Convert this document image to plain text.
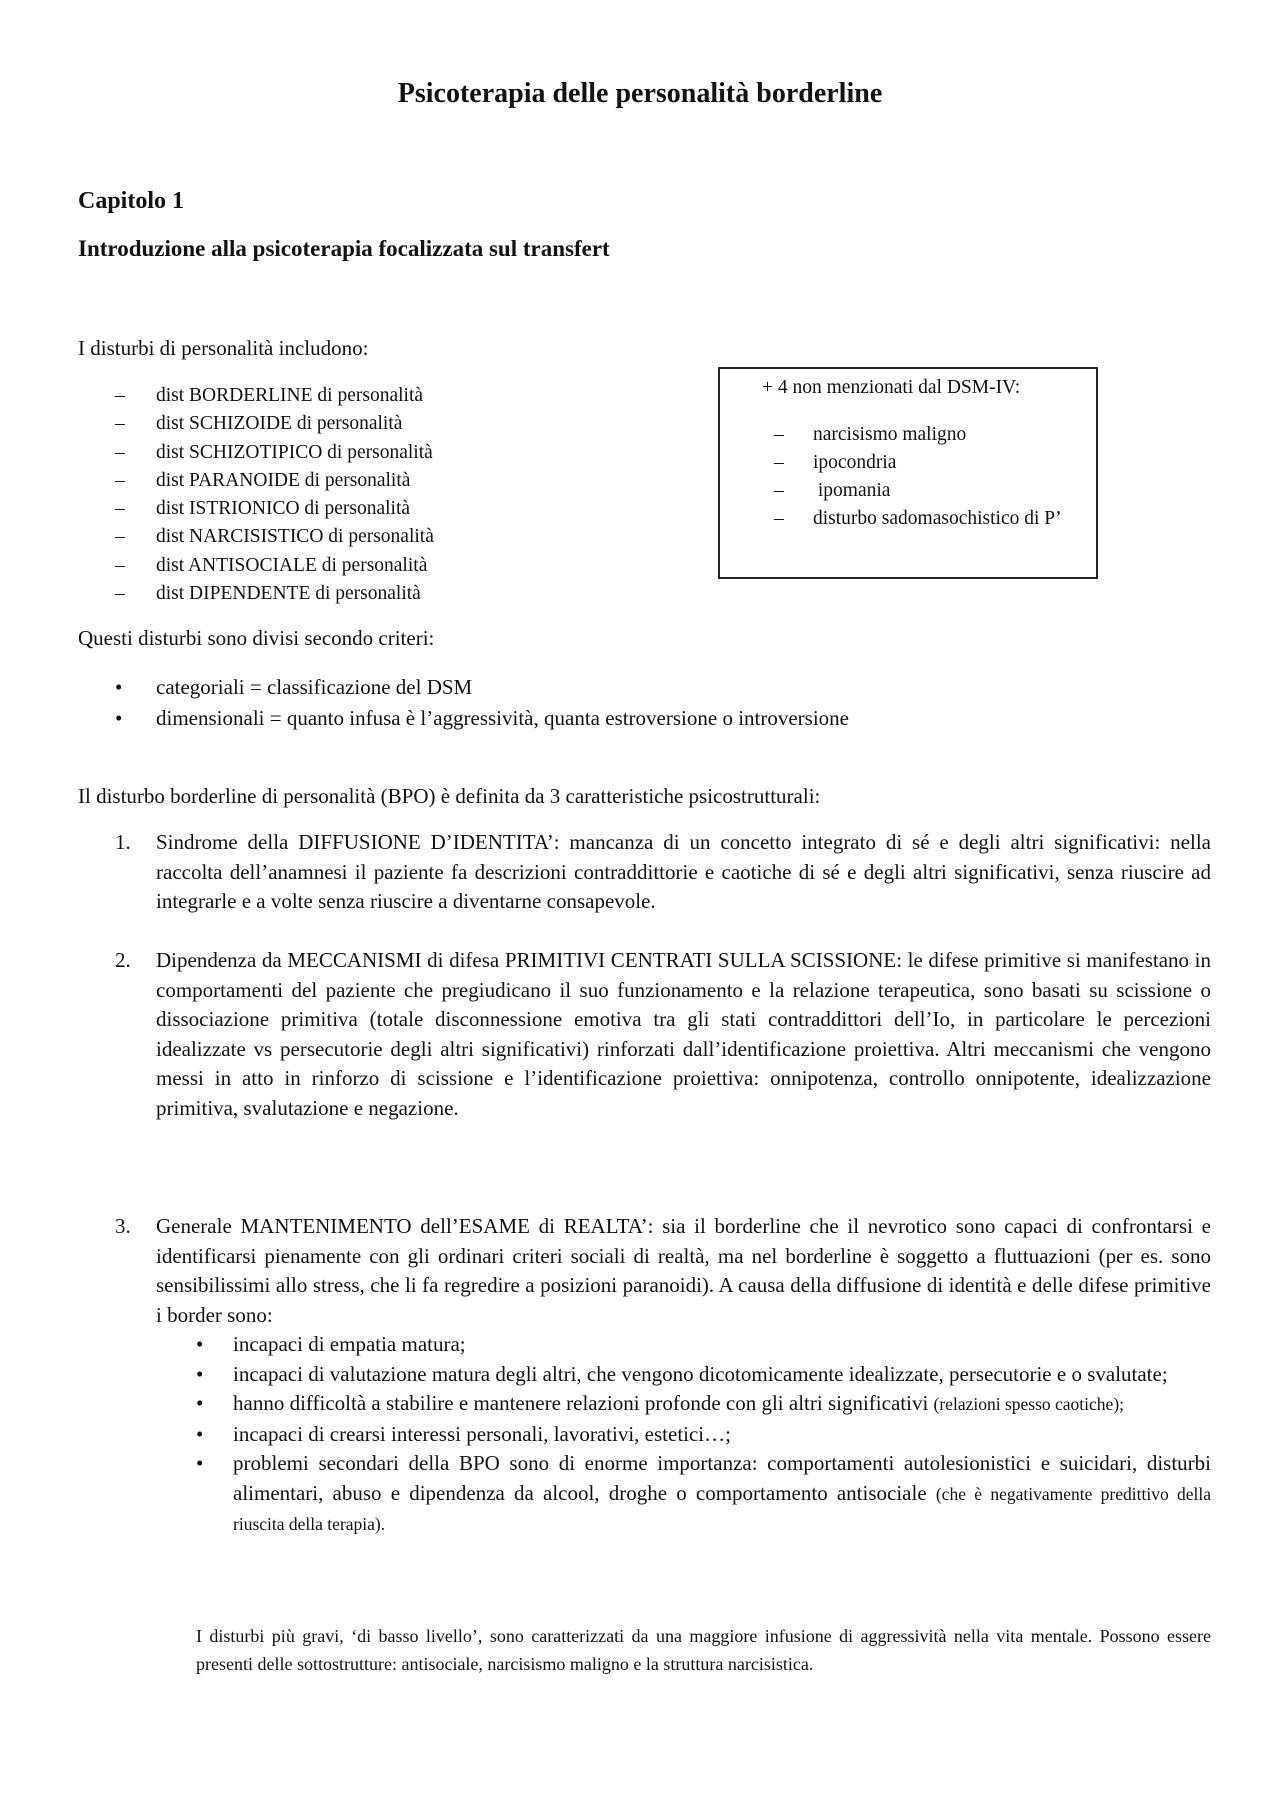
Psicoterapia delle personalità borderline
Capitolo 1
Introduzione alla psicoterapia focalizzata sul transfert
I disturbi di personalità includono:
– dist BORDERLINE di personalità
– dist SCHIZOIDE di personalità
– dist SCHIZOTIPICO di personalità
– dist PARANOIDE di personalità
– dist ISTRIONICO di personalità
– dist NARCISISTICO di personalità
– dist ANTISOCIALE di personalità
– dist DIPENDENTE di personalità
+ 4 non menzionati dal DSM-IV:
– narcisismo maligno
– ipocondria
– ipomania
– disturbo sadomasochistico di P’
Questi disturbi sono divisi secondo criteri:
• categoriali = classificazione del DSM
• dimensionali = quanto infusa è l’aggressività, quanta estroversione o introversione
Il disturbo borderline di personalità (BPO) è definita da 3 caratteristiche psicostrutturali:
1. Sindrome della DIFFUSIONE D’IDENTITA’: mancanza di un concetto integrato di sé e degli altri significativi: nella raccolta dell’anamnesi il paziente fa descrizioni contraddittorie e caotiche di sé e degli altri significativi, senza riuscire ad integrarle e a volte senza riuscire a diventarne consapevole.
2. Dipendenza da MECCANISMI di difesa PRIMITIVI CENTRATI SULLA SCISSIONE: le difese primitive si manifestano in comportamenti del paziente che pregiudicano il suo funzionamento e la relazione terapeutica, sono basati su scissione o dissociazione primitiva (totale disconnessione emotiva tra gli stati contraddittori dell’Io, in particolare le percezioni idealizzate vs persecutorie degli altri significativi) rinforzati dall’identificazione proiettiva. Altri meccanismi che vengono messi in atto in rinforzo di scissione e l’identificazione proiettiva: onnipotenza, controllo onnipotente, idealizzazione primitiva, svalutazione e negazione.
3. Generale MANTENIMENTO dell’ESAME di REALTA’: sia il borderline che il nevrotico sono capaci di confrontarsi e identificarsi pienamente con gli ordinari criteri sociali di realtà, ma nel borderline è soggetto a fluttuazioni (per es. sono sensibilissimi allo stress, che li fa regredire a posizioni paranoidi). A causa della diffusione di identità e delle difese primitive i border sono:
• incapaci di empatia matura;
• incapaci di valutazione matura degli altri, che vengono dicotomicamente idealizzate, persecutorie e o svalutate;
• hanno difficoltà a stabilire e mantenere relazioni profonde con gli altri significativi (relazioni spesso caotiche);
• incapaci di crearsi interessi personali, lavorativi, estetici…;
• problemi secondari della BPO sono di enorme importanza: comportamenti autolesionistici e suicidari, disturbi alimentari, abuso e dipendenza da alcool, droghe o comportamento antisociale (che è negativamente predittivo della riuscita della terapia).
I disturbi più gravi, ‘di basso livello’, sono caratterizzati da una maggiore infusione di aggressività nella vita mentale. Possono essere presenti delle sottostrutture: antisociale, narcisismo maligno e la struttura narcisistica.
